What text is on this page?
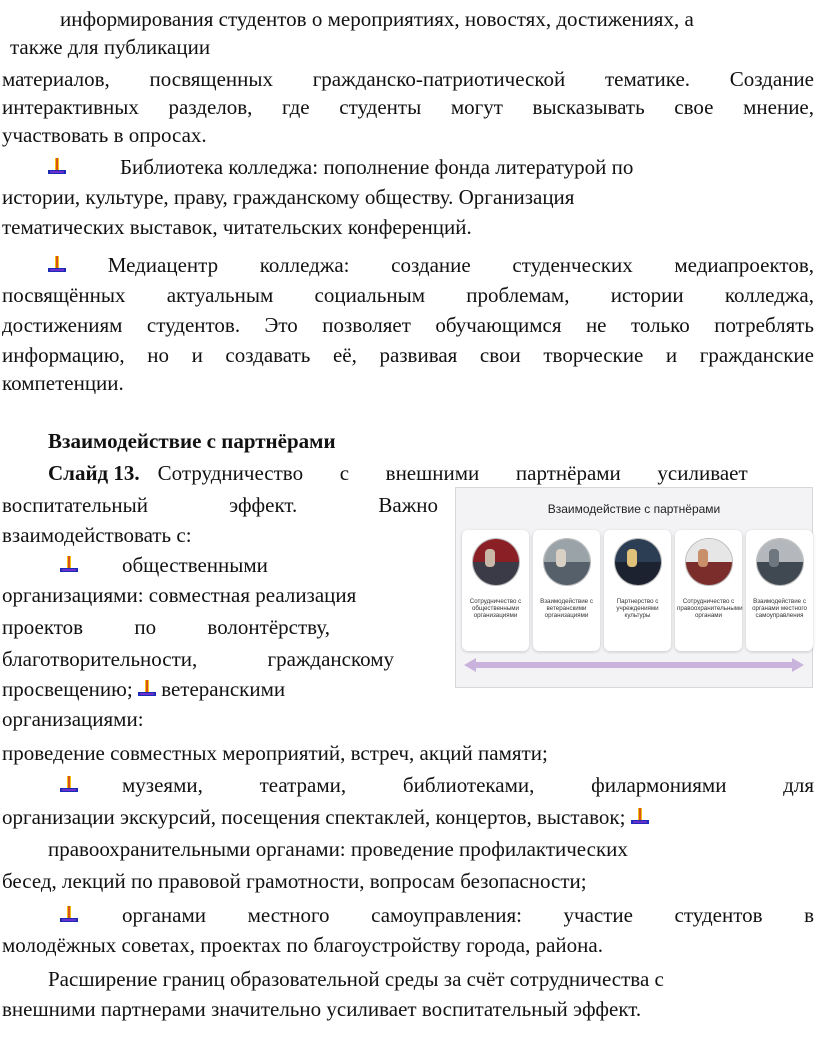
информирования студентов о мероприятиях, новостях, достижениях, а
также для публикации
материалов, посвященных гражданско-патриотической тематике. Создание
интерактивных разделов, где студенты могут высказывать свое мнение,
участвовать в опросах.
Библиотека колледжа: пополнение фонда литературой по
истории, культуре, праву, гражданскому обществу. Организация
тематических выставок, читательских конференций.
Медиацентр колледжа: создание студенческих медиапроектов,
посвящённых актуальным социальным проблемам, истории колледжа,
достижениям студентов. Это позволяет обучающимся не только потреблять
информацию, но и создавать её, развивая свои творческие и гражданские
компетенции.
Взаимодействие с партнёрами
Слайд 13. Сотрудничество с внешними партнёрами усиливает
воспитательный эффект. Важно
взаимодействовать с:
общественными
организациями: совместная реализация
проектов по волонтёрству,
благотворительности, гражданскому
просвещению; ветеранскими
организациями:
проведение совместных мероприятий, встреч, акций памяти;
музеями, театрами, библиотеками, филармониями для
организации экскурсий, посещения спектаклей, концертов, выставок;
правоохранительными органами: проведение профилактических
бесед, лекций по правовой грамотности, вопросам безопасности;
органами местного самоуправления: участие студентов в
молодёжных советах, проектах по благоустройству города, района.
Расширение границ образовательной среды за счёт сотрудничества с
внешними партнерами значительно усиливает воспитательный эффект.
Взаимодействие с партнёрами
Сотрудничество с общественными организациями
Взаимодействие с ветеранскими организациями
Партнерство с учреждениями культуры
Сотрудничество с правоохранительными органами
Взаимодействие с органами местного самоуправления
